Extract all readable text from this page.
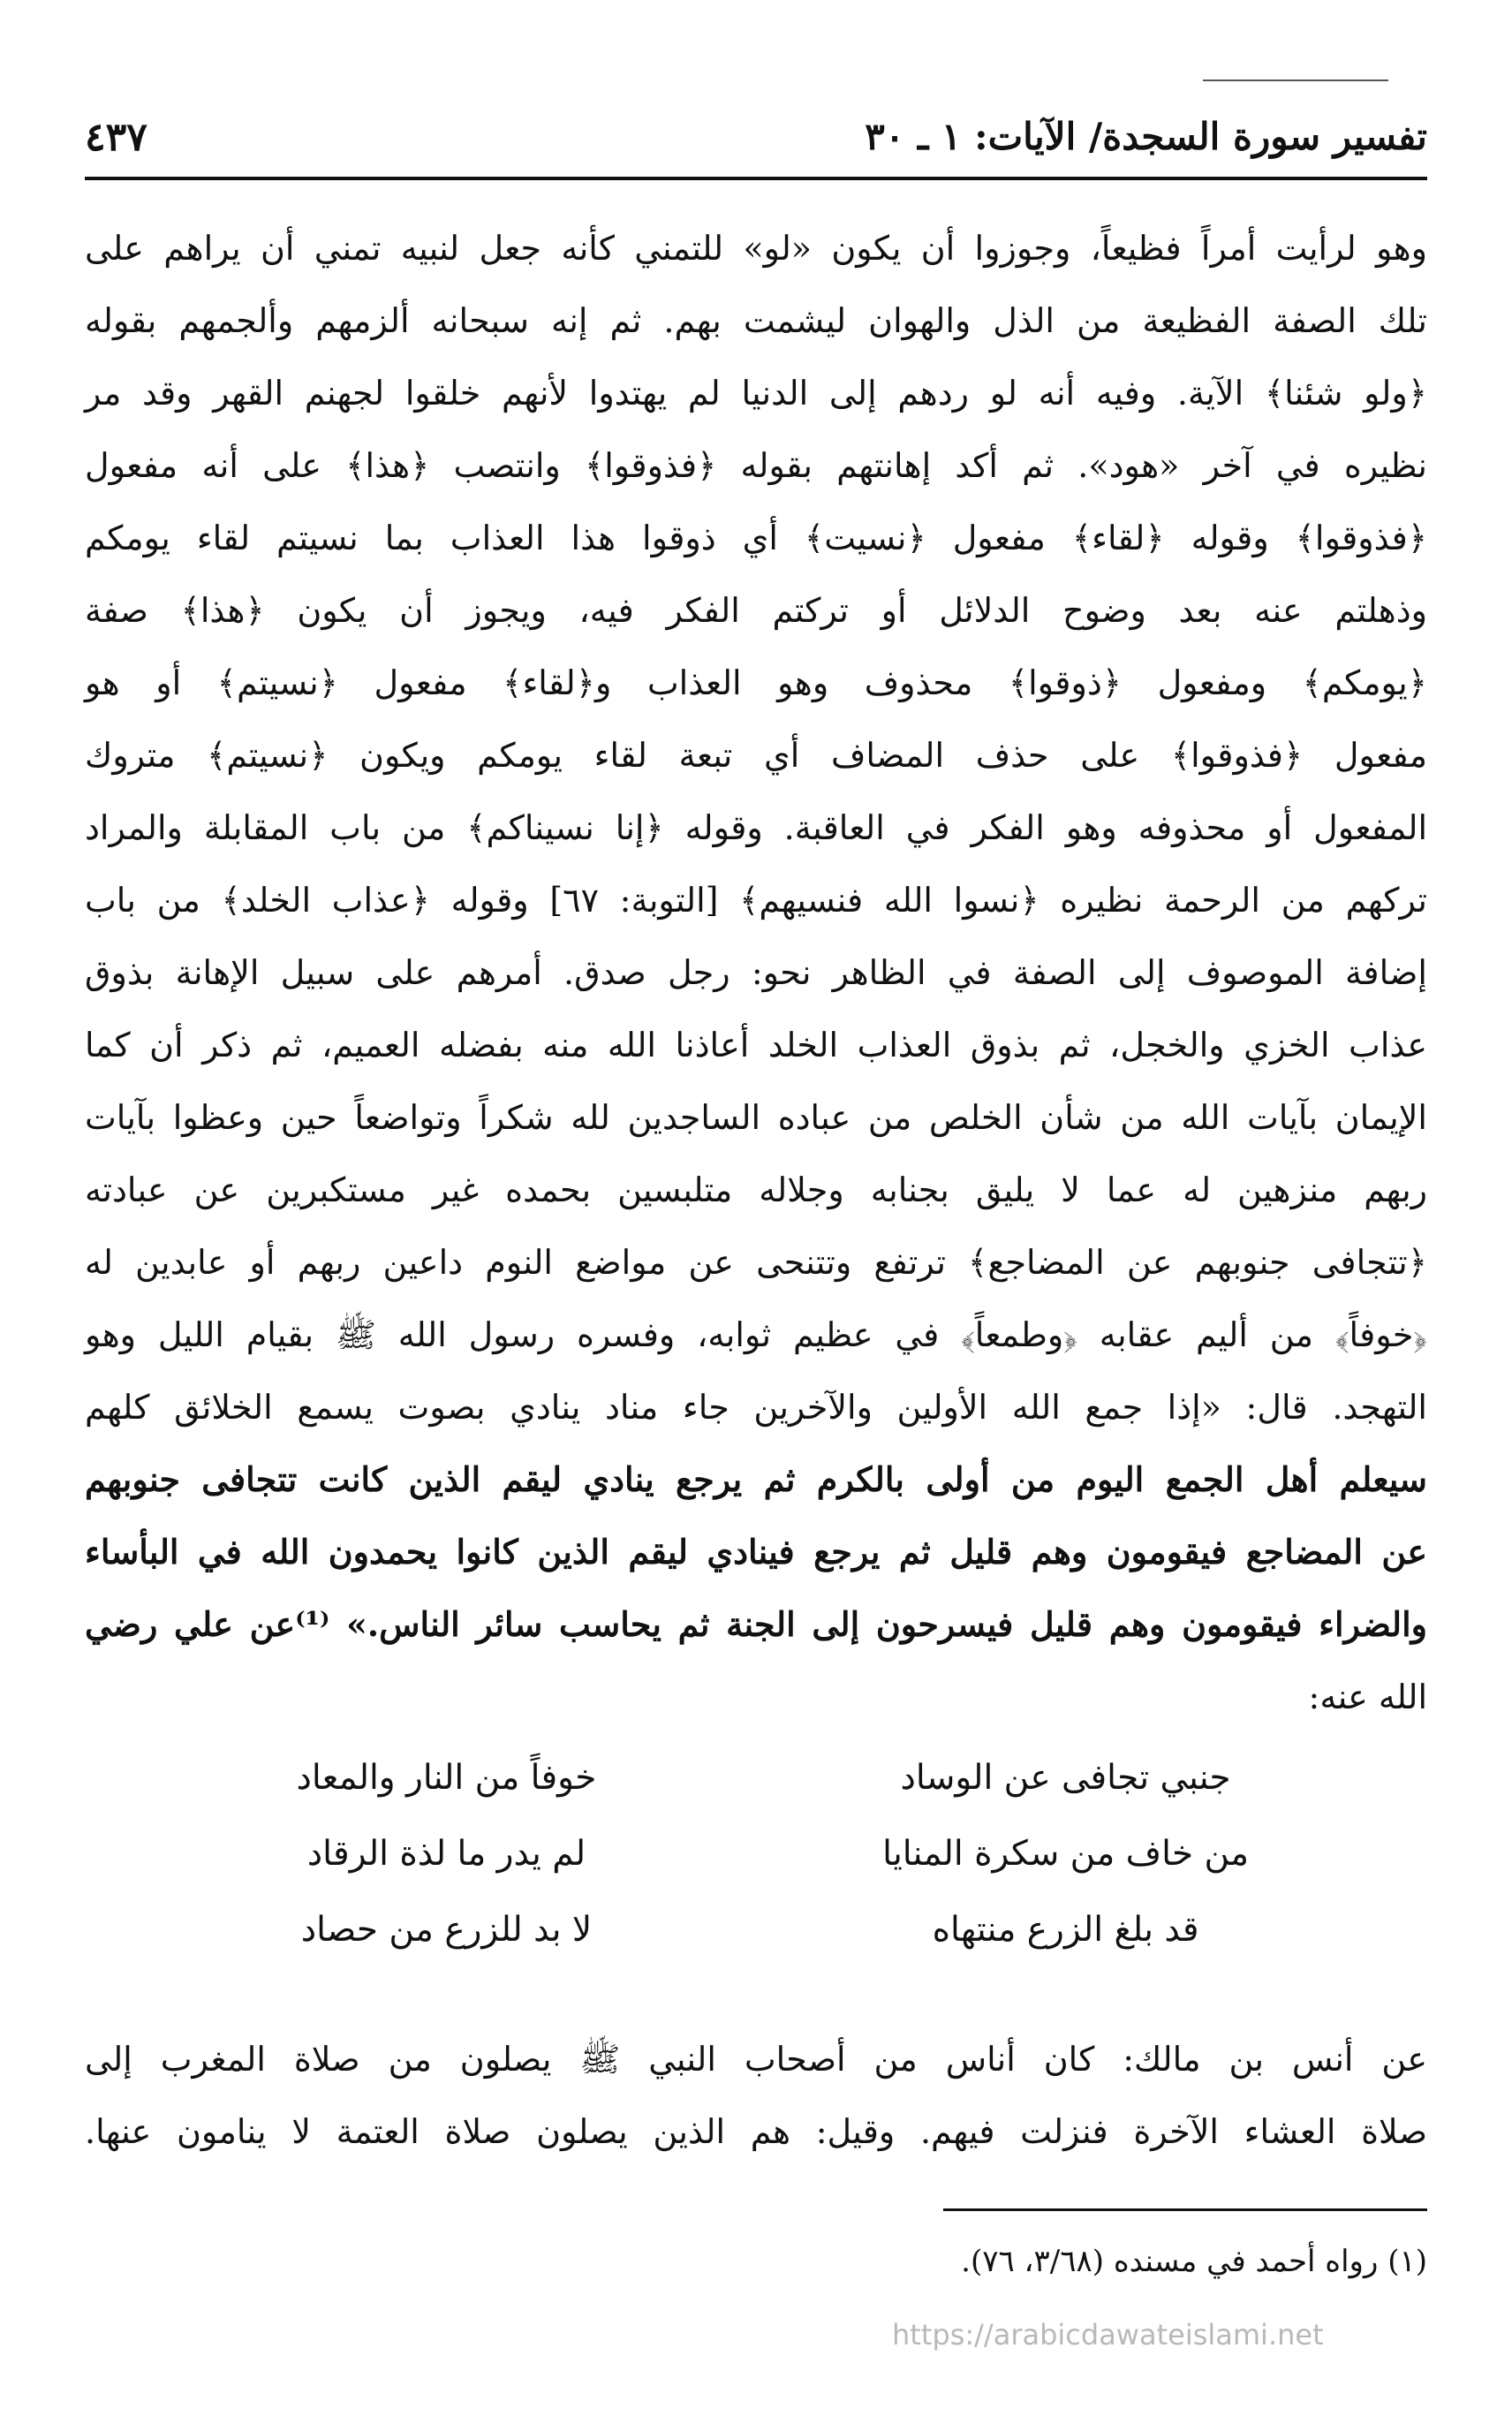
تفسير سورة السجدة/ الآيات: ١ ـ ٣٠
٤٣٧
وهو لرأيت أمراً فظيعاً، وجوزوا أن يكون «لو» للتمني كأنه جعل لنبيه تمني أن يراهم على
تلك الصفة الفظيعة من الذل والهوان ليشمت بهم. ثم إنه سبحانه ألزمهم وألجمهم بقوله
﴿ولو شئنا﴾ الآية. وفيه أنه لو ردهم إلى الدنيا لم يهتدوا لأنهم خلقوا لجهنم القهر وقد مر
نظيره في آخر «هود». ثم أكد إهانتهم بقوله ﴿فذوقوا﴾ وانتصب ﴿هذا﴾ على أنه مفعول
﴿فذوقوا﴾ وقوله ﴿لقاء﴾ مفعول ﴿نسيت﴾ أي ذوقوا هذا العذاب بما نسيتم لقاء يومكم
وذهلتم عنه بعد وضوح الدلائل أو تركتم الفكر فيه، ويجوز أن يكون ﴿هذا﴾ صفة
﴿يومكم﴾ ومفعول ﴿ذوقوا﴾ محذوف وهو العذاب و﴿لقاء﴾ مفعول ﴿نسيتم﴾ أو هو
مفعول ﴿فذوقوا﴾ على حذف المضاف أي تبعة لقاء يومكم ويكون ﴿نسيتم﴾ متروك
المفعول أو محذوفه وهو الفكر في العاقبة. وقوله ﴿إنا نسيناكم﴾ من باب المقابلة والمراد
تركهم من الرحمة نظيره ﴿نسوا الله فنسيهم﴾ [التوبة: ٦٧] وقوله ﴿عذاب الخلد﴾ من باب
إضافة الموصوف إلى الصفة في الظاهر نحو: رجل صدق. أمرهم على سبيل الإهانة بذوق
عذاب الخزي والخجل، ثم بذوق العذاب الخلد أعاذنا الله منه بفضله العميم، ثم ذكر أن كما
الإيمان بآيات الله من شأن الخلص من عباده الساجدين لله شكراً وتواضعاً حين وعظوا بآيات
ربهم منزهين له عما لا يليق بجنابه وجلاله متلبسين بحمده غير مستكبرين عن عبادته
﴿تتجافى جنوبهم عن المضاجع﴾ ترتفع وتتنحى عن مواضع النوم داعين ربهم أو عابدين له
﴿خوفاً﴾ من أليم عقابه ﴿وطمعاً﴾ في عظيم ثوابه، وفسره رسول الله ﷺ بقيام الليل وهو
التهجد. قال: «إذا جمع الله الأولين والآخرين جاء مناد ينادي بصوت يسمع الخلائق كلهم
سيعلم أهل الجمع اليوم من أولى بالكرم ثم يرجع ينادي ليقم الذين كانت تتجافى جنوبهم
عن المضاجع فيقومون وهم قليل ثم يرجع فينادي ليقم الذين كانوا يحمدون الله في البأساء
والضراء فيقومون وهم قليل فيسرحون إلى الجنة ثم يحاسب سائر الناس.» ⁽¹⁾عن علي رضي
الله عنه:
جنبي تجافى عن الوساد
خوفاً من النار والمعاد
من خاف من سكرة المنايا
لم يدر ما لذة الرقاد
قد بلغ الزرع منتهاه
لا بد للزرع من حصاد
عن أنس بن مالك: كان أناس من أصحاب النبي ﷺ يصلون من صلاة المغرب إلى
صلاة العشاء الآخرة فنزلت فيهم. وقيل: هم الذين يصلون صلاة العتمة لا ينامون عنها.
(١) رواه أحمد في مسنده (٣/٦٨، ٧٦).
https://arabicdawateislami.net
